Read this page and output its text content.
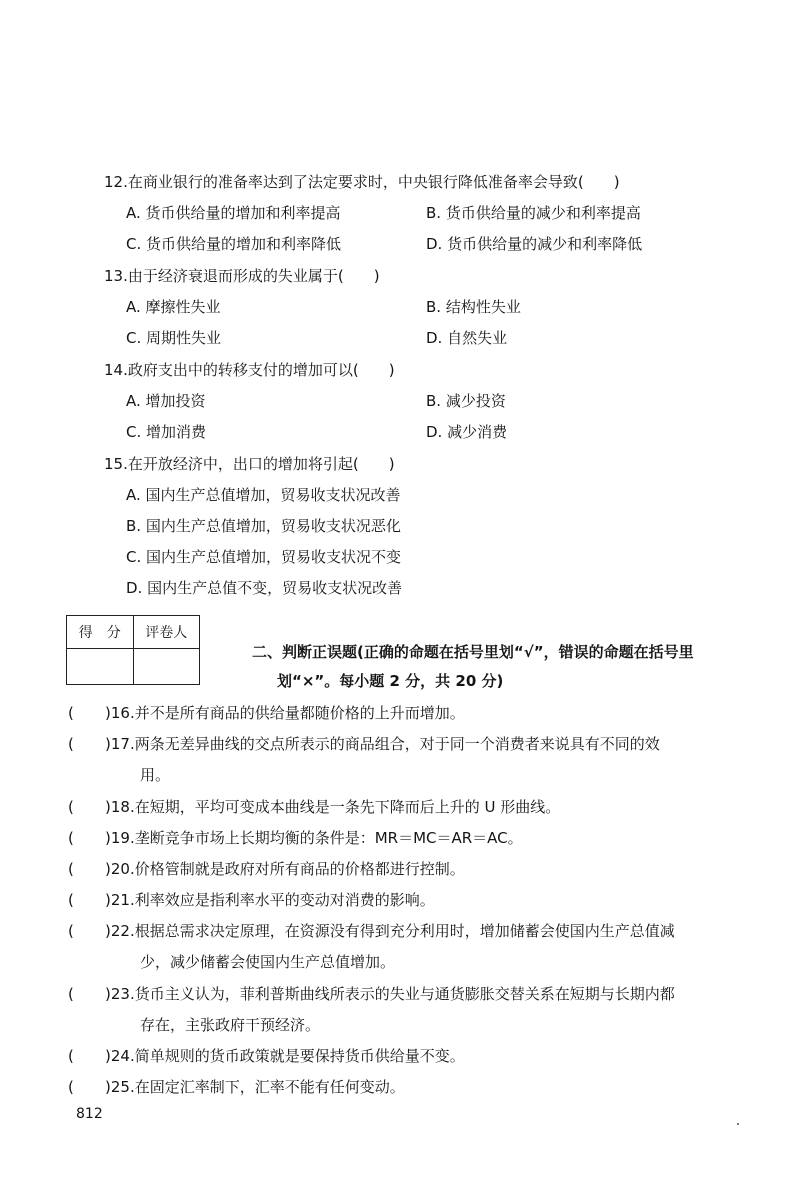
12.在商业银行的准备率达到了法定要求时，中央银行降低准备率会导致(　　)
A. 货币供给量的增加和利率提高	B. 货币供给量的减少和利率提高
C. 货币供给量的增加和利率降低	D. 货币供给量的减少和利率降低
13.由于经济衰退而形成的失业属于(　　)
A. 摩擦性失业	B. 结构性失业
C. 周期性失业	D. 自然失业
14.政府支出中的转移支付的增加可以(　　)
A. 增加投资	B. 减少投资
C. 增加消费	D. 减少消费
15.在开放经济中，出口的增加将引起(　　)
A. 国内生产总值增加，贸易收支状况改善
B. 国内生产总值增加，贸易收支状况恶化
C. 国内生产总值增加，贸易收支状况不变
D. 国内生产总值不变，贸易收支状况改善
得　分	评卷人

二、判断正误题(正确的命题在括号里划“√”，错误的命题在括号里
划“×”。每小题 2 分，共 20 分)
( )16.并不是所有商品的供给量都随价格的上升而增加。
( )17.两条无差异曲线的交点所表示的商品组合，对于同一个消费者来说具有不同的效
用。
( )18.在短期，平均可变成本曲线是一条先下降而后上升的 U 形曲线。
( )19.垄断竞争市场上长期均衡的条件是：MR＝MC＝AR＝AC。
( )20.价格管制就是政府对所有商品的价格都进行控制。
( )21.利率效应是指利率水平的变动对消费的影响。
( )22.根据总需求决定原理，在资源没有得到充分利用时，增加储蓄会使国内生产总值减
少，减少储蓄会使国内生产总值增加。
( )23.货币主义认为，菲利普斯曲线所表示的失业与通货膨胀交替关系在短期与长期内都
存在，主张政府干预经济。
( )24.简单规则的货币政策就是要保持货币供给量不变。
( )25.在固定汇率制下，汇率不能有任何变动。
812
